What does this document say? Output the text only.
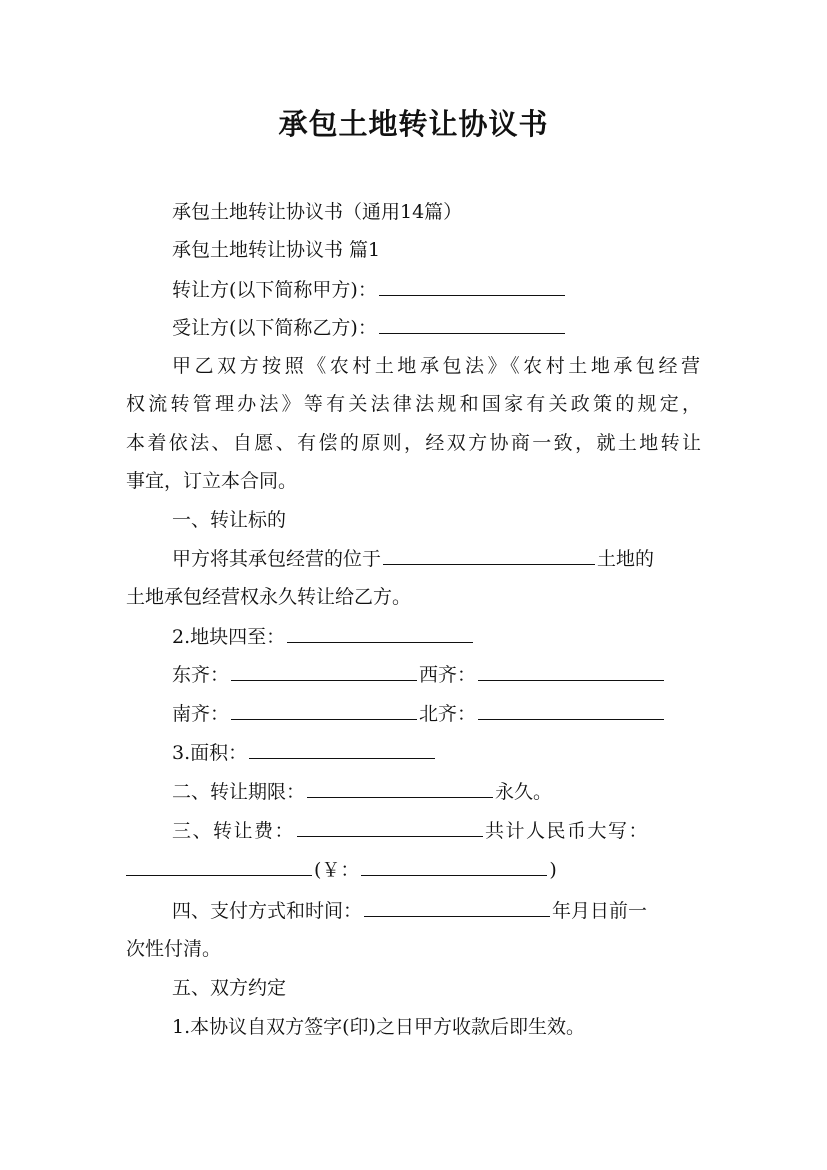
承包土地转让协议书
承包土地转让协议书（通用14篇）
承包土地转让协议书 篇1
转让方(以下简称甲方)：
受让方(以下简称乙方)：
甲乙双方按照《农村土地承包法》《农村土地承包经营
权流转管理办法》等有关法律法规和国家有关政策的规定，
本着依法、自愿、有偿的原则，经双方协商一致，就土地转让
事宜，订立本合同。
一、转让标的
甲方将其承包经营的位于	土地的
土地承包经营权永久转让给乙方。
2.地块四至：
东齐：	西齐：
南齐：	北齐：
3.面积：
二、转让期限：	永久。
三、转让费：	共计人民币大写：
(￥：	)
四、支付方式和时间：	年月日前一
次性付清。
五、双方约定
1.本协议自双方签字(印)之日甲方收款后即生效。
